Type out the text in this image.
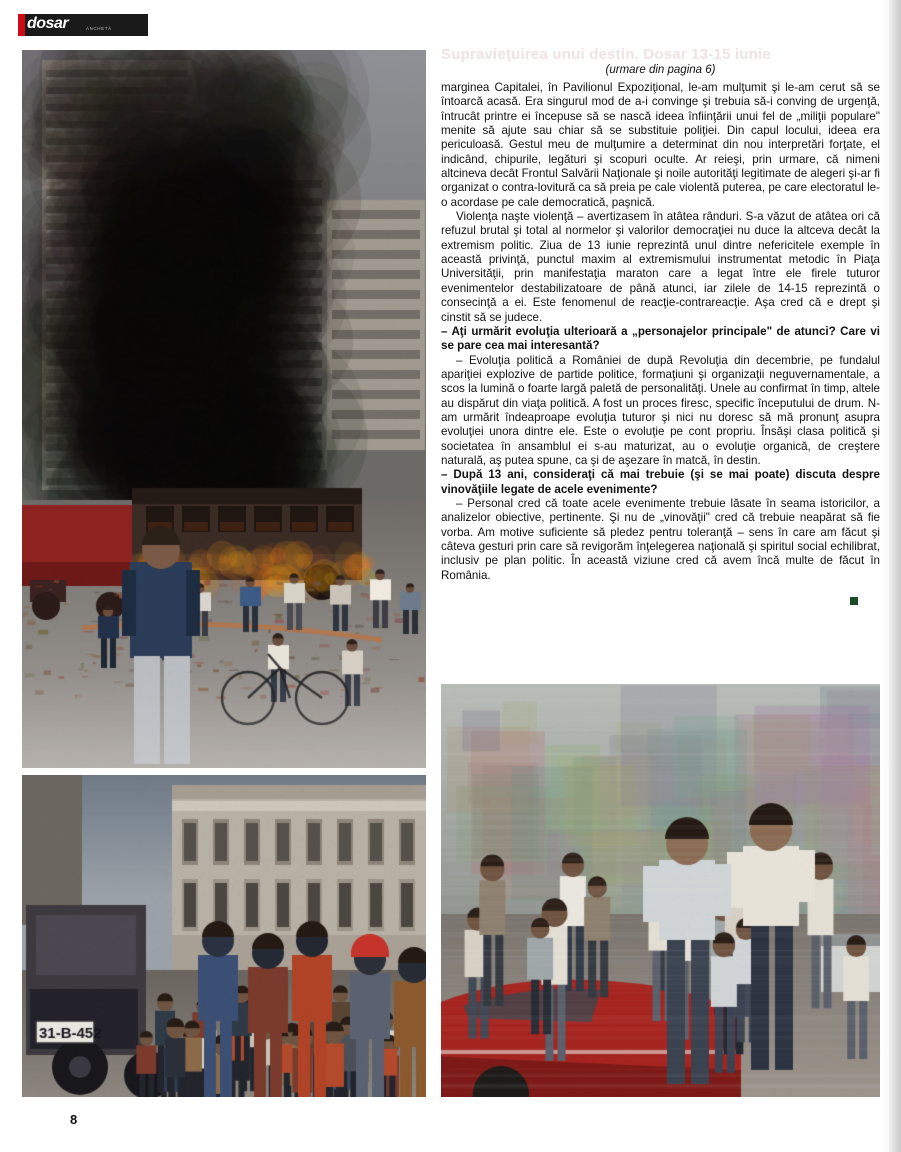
dosar	ANCHETĂ
Supravieţuirea unui destin. Dosar 13-15 iunie
(urmare din pagina 6)

marginea Capitalei, în Pavilionul Expoziţional, le-am mulţumit şi le-am cerut să se întoarcă acasă. Era singurul mod de a-i convinge şi trebuia să-i conving de urgenţă, întrucât printre ei începuse să se nască ideea înfiinţării unui fel de „miliţii populare" menite să ajute sau chiar să se substituie poliţiei. Din capul locului, ideea era periculoasă. Gestul meu de mulţumire a determinat din nou interpretări forţate, el indicând, chipurile, legături şi scopuri oculte. Ar reieşi, prin urmare, că nimeni altcineva decât Frontul Salvării Naţionale şi noile autorităţi legitimate de alegeri şi-ar fi organizat o contra-lovitură ca să preia pe cale violentă puterea, pe care electoratul le-o acordase pe cale democratică, paşnică.

Violenţa naşte violenţă – avertizasem în atâtea rânduri. S-a văzut de atâtea ori că refuzul brutal şi total al normelor şi valorilor democraţiei nu duce la altceva decât la extremism politic. Ziua de 13 iunie reprezintă unul dintre nefericitele exemple în această privinţă, punctul maxim al extremismului instrumentat metodic în Piaţa Universităţii, prin manifestaţia maraton care a legat între ele firele tuturor evenimentelor destabilizatoare de până atunci, iar zilele de 14-15 reprezintă o consecinţă a ei. Este fenomenul de reacţie-contrareacţie. Aşa cred că e drept şi cinstit să se judece.

– Aţi urmărit evoluţia ulterioară a „personajelor principale" de atunci? Care vi se pare cea mai interesantă?

– Evoluţia politică a României de după Revoluţia din decembrie, pe fundalul apariţiei explozive de partide politice, formaţiuni şi organizaţii neguvernamentale, a scos la lumină o foarte largă paletă de personalităţi. Unele au confirmat în timp, altele au dispărut din viaţa politică. A fost un proces firesc, specific începutului de drum. N-am urmărit îndeaproape evoluţia tuturor şi nici nu doresc să mă pronunţ asupra evoluţiei unora dintre ele. Este o evoluţie pe cont propriu. Însăşi clasa politică şi societatea în ansamblul ei s-au maturizat, au o evoluţie organică, de creştere naturală, aş putea spune, ca şi de aşezare în matcă, în destin.

– După 13 ani, consideraţi că mai trebuie (şi se mai poate) discuta despre vinovăţiile legate de acele evenimente?

– Personal cred că toate acele evenimente trebuie lăsate în seama istoricilor, a analizelor obiective, pertinente. Şi nu de „vinovăţii" cred că trebuie neapărat să fie vorba. Am motive suficiente să pledez pentru toleranţă – sens în care am făcut şi câteva gesturi prin care să revigorăm înţelegerea naţională şi spiritul social echilibrat, inclusiv pe plan politic. În această viziune cred că avem încă multe de făcut în România.

8
